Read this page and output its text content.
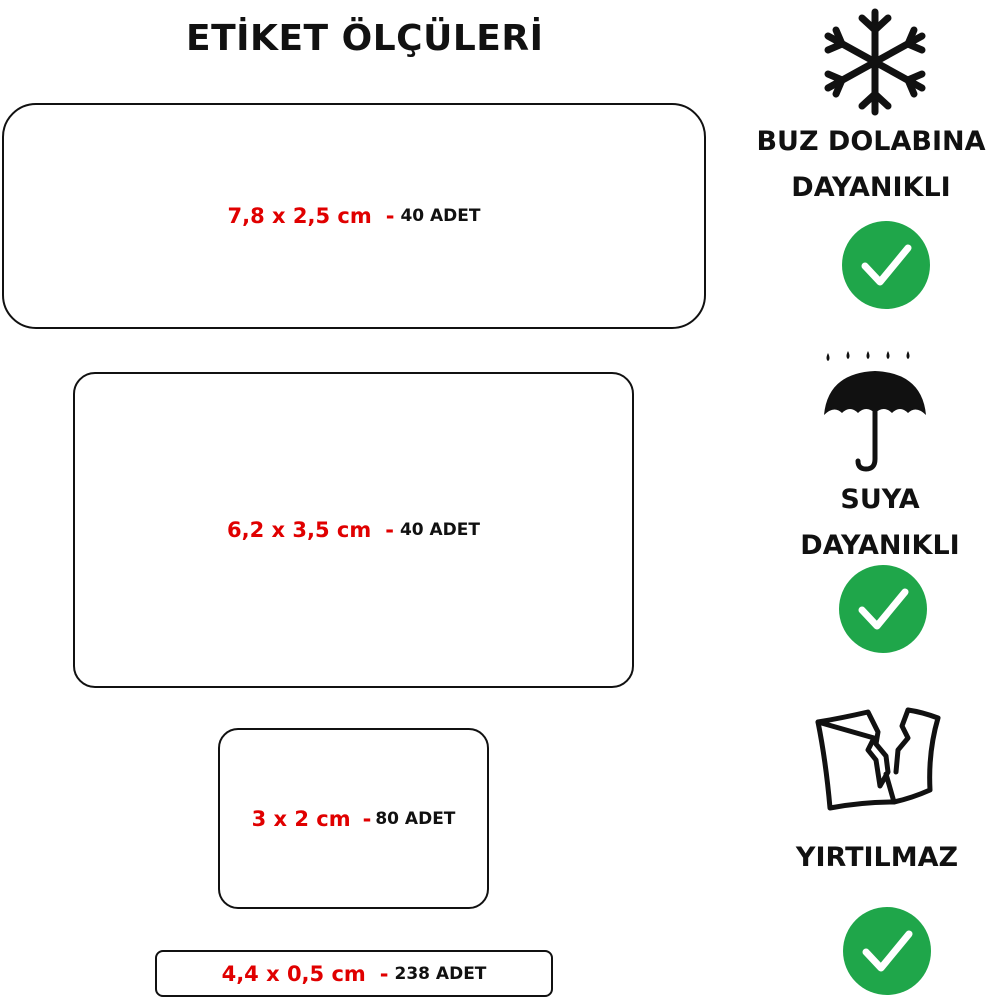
ETİKET ÖLÇÜLERİ
7,8 x 2,5 cm - 40 ADET
6,2 x 3,5 cm - 40 ADET
3 x 2 cm - 80 ADET
4,4 x 0,5 cm - 238 ADET
BUZ DOLABINA
DAYANIKLI
SUYA
DAYANIKLI
YIRTILMAZ
